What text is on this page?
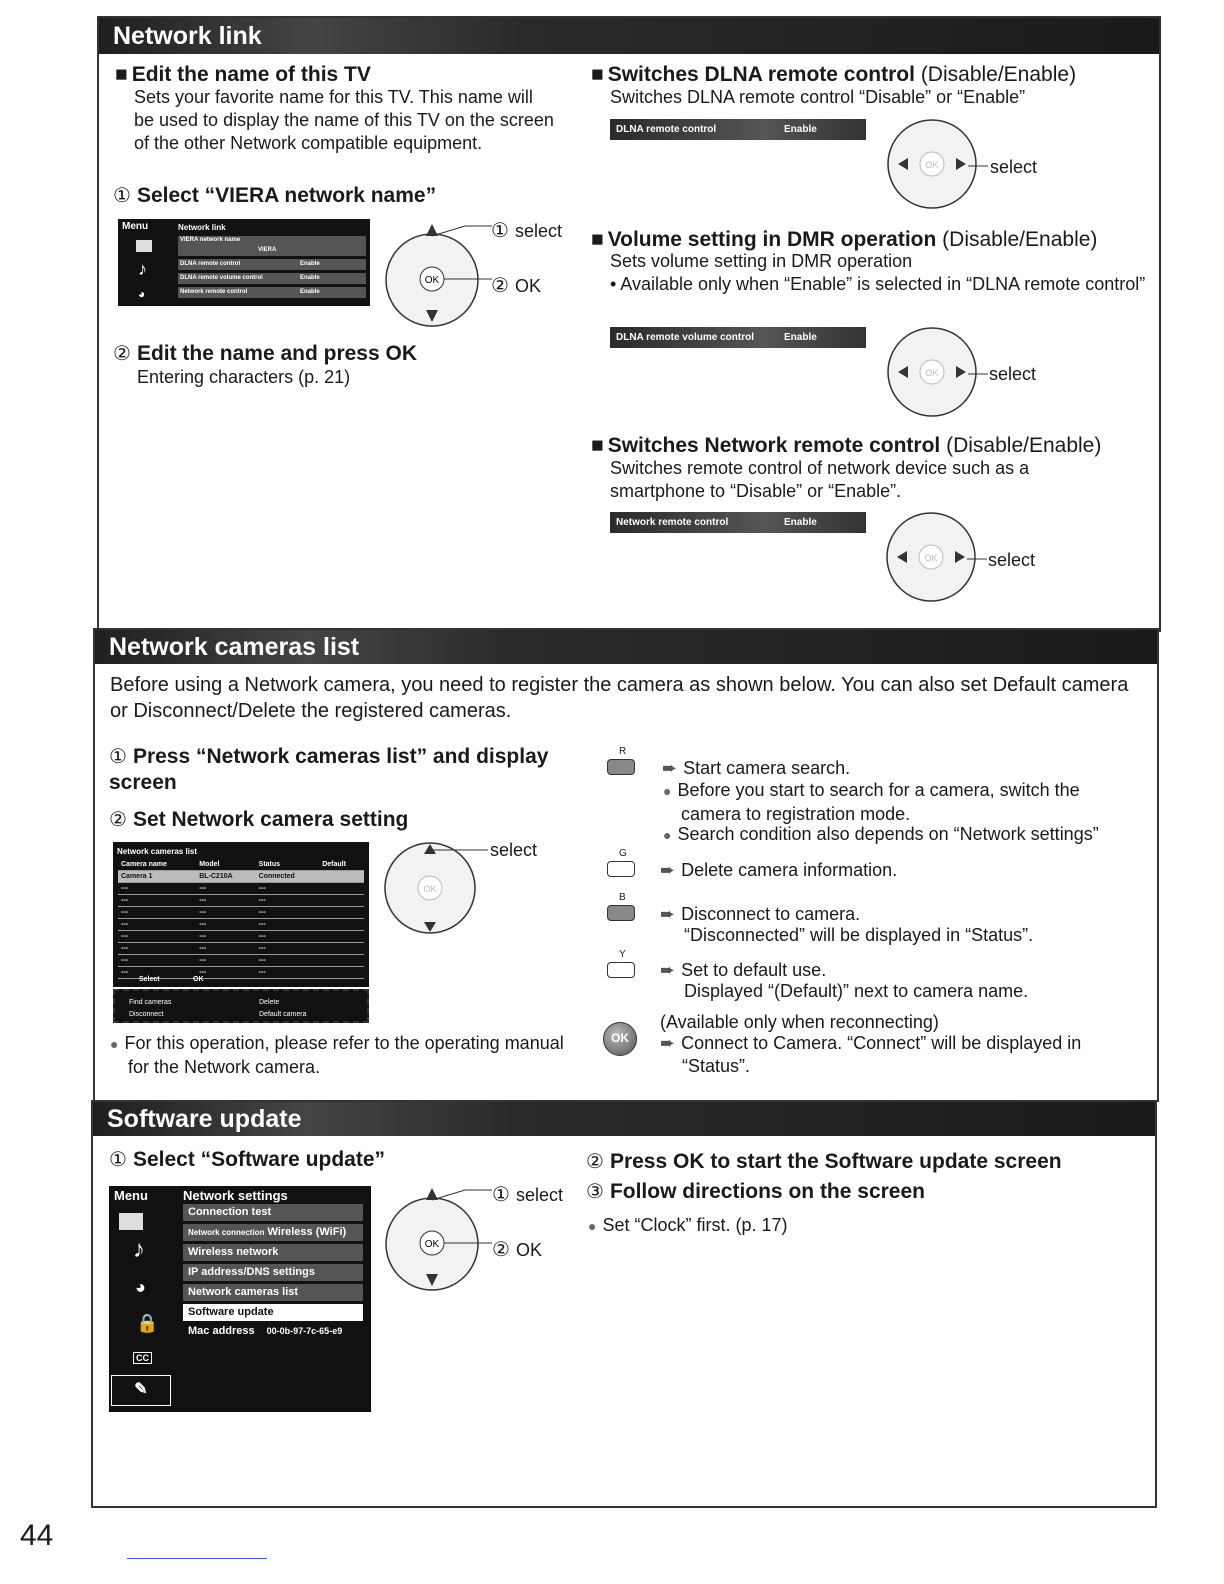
Network link
■ Edit the name of this TV
Sets your favorite name for this TV. This name will be used to display the name of this TV on the screen of the other Network compatible equipment.
① Select “VIERA network name”
Menu	Network link
♪
◕
VIERA network name
VIERA
DLNA remote control	Enable
DLNA remote volume control	Enable
Network remote control	Enable
OK
① select
② OK
② Edit the name and press OK
Entering characters (p. 21)
■ Switches DLNA remote control (Disable/Enable)
Switches DLNA remote control “Disable” or “Enable”
DLNA remote control	Enable
OK	select
■ Volume setting in DMR operation (Disable/Enable)
Sets volume setting in DMR operation
• Available only when “Enable” is selected in “DLNA remote control”
DLNA remote volume control	Enable
OK	select
■ Switches Network remote control (Disable/Enable)
Switches remote control of network device such as a smartphone to “Disable” or “Enable”.
Network remote control	Enable
OK	select
Network cameras list
Before using a Network camera, you need to register the camera as shown below. You can also set Default camera or Disconnect/Delete the registered cameras.
① Press “Network cameras list” and display screen
② Set Network camera setting
Network cameras list
Camera name	Model	Status	Default
Camera 1	BL-C210A	Connected	
---	---	---	
---	---	---	
---	---	---	
---	---	---	
---	---	---	
---	---	---	
---	---	---	
---	---	---	
Select	OK
Find cameras	Delete
Disconnect	Default camera
OK
select
● For this operation, please refer to the operating manual for the Network camera.
R
➨ Start camera search.
● Before you start to search for a camera, switch the camera to registration mode.
● Search condition also depends on “Network settings”
G
➨ Delete camera information.
B
➨ Disconnect to camera.
“Disconnected” will be displayed in “Status”.
Y
➨ Set to default use.
Displayed “(Default)” next to camera name.
OK
(Available only when reconnecting)
➨ Connect to Camera. “Connect” will be displayed in “Status”.
Software update
① Select “Software update”
Menu	Network settings
♪
◕
🔒
CC
✎
Connection test
Network connection Wireless (WiFi)
Wireless network
IP address/DNS settings
Network cameras list
Software update
Mac address 00-0b-97-7c-65-e9
OK
① select
② OK
② Press OK to start the Software update screen
③ Follow directions on the screen
● Set “Clock” first. (p. 17)
44
